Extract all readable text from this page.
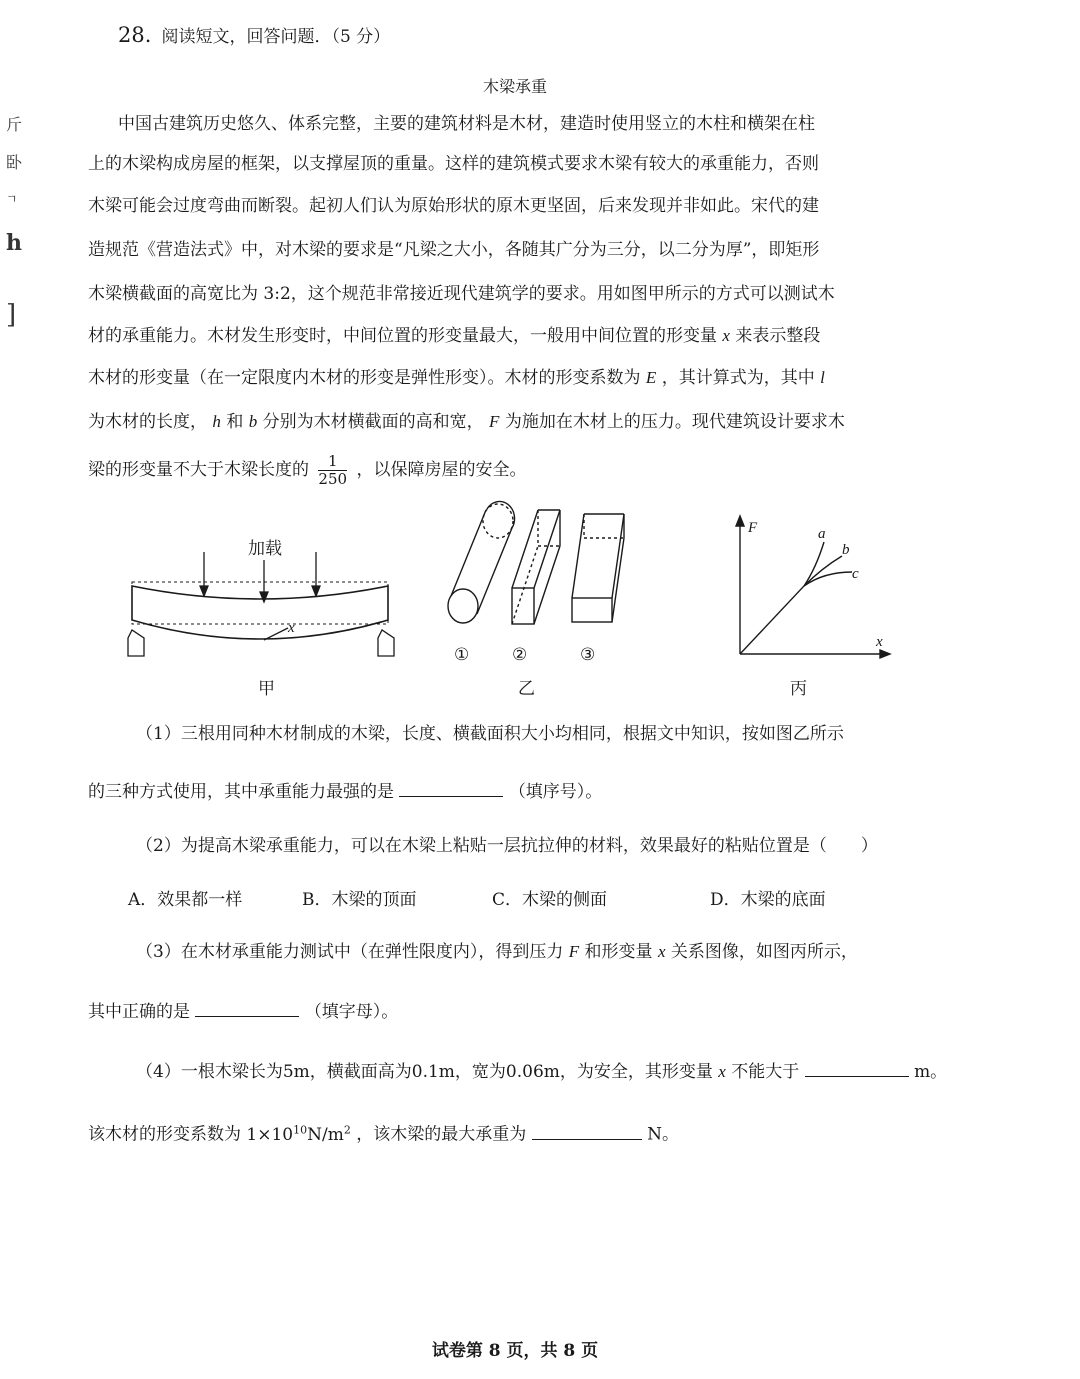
斤
卧
ㄱ
h
]
28. 阅读短文，回答问题．（5 分）
木梁承重
中国古建筑历史悠久、体系完整，主要的建筑材料是木材，建造时使用竖立的木柱和横架在柱
上的木梁构成房屋的框架，以支撑屋顶的重量。这样的建筑模式要求木梁有较大的承重能力，否则
木梁可能会过度弯曲而断裂。起初人们认为原始形状的原木更坚固，后来发现并非如此。宋代的建
造规范《营造法式》中，对木梁的要求是“凡梁之大小，各随其广分为三分，以二分为厚”，即矩形
木梁横截面的高宽比为 3:2，这个规范非常接近现代建筑学的要求。用如图甲所示的方式可以测试木
材的承重能力。木材发生形变时，中间位置的形变量最大，一般用中间位置的形变量 x 来表示整段
木材的形变量（在一定限度内木材的形变是弹性形变）。木材的形变系数为 E ，其计算式为，其中 l
为木材的长度， h 和 b 分别为木材横截面的高和宽， F 为施加在木材上的压力。现代建筑设计要求木
梁的形变量不大于木梁长度的 $\frac{1}{250}$ ，以保障房屋的安全。
加载
x
甲
①	②	③
乙
F
x
a
b
c
丙
（1）三根用同种木材制成的木梁，长度、横截面积大小均相同，根据文中知识，按如图乙所示
的三种方式使用，其中承重能力最强的是	（填序号）。
（2）为提高木梁承重能力，可以在木梁上粘贴一层抗拉伸的材料，效果最好的粘贴位置是（　　）
A．效果都一样	B．木梁的顶面	C．木梁的侧面	D．木梁的底面
（3）在木材承重能力测试中（在弹性限度内），得到压力 F 和形变量 x 关系图像，如图丙所示，
其中正确的是	（填字母）。
（4）一根木梁长为5m，横截面高为0.1m，宽为0.06m，为安全，其形变量 x 不能大于	m。
该木材的形变系数为 $1\times 10^{10}N/m^2$ ，该木梁的最大承重为	N。
试卷第 8 页，共 8 页
